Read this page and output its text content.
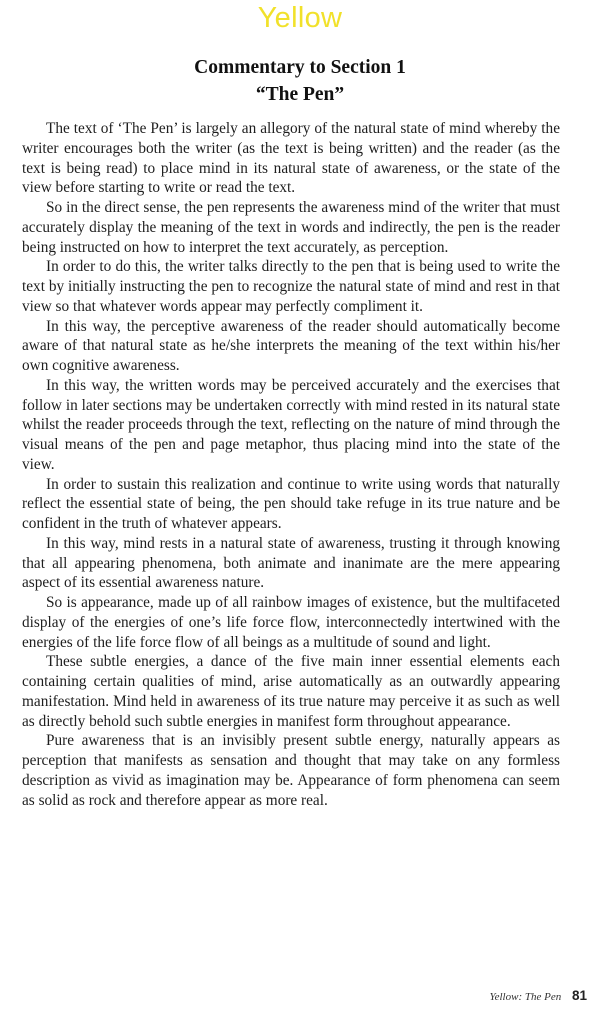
Yellow
Commentary to Section 1
“The Pen”

The text of ‘The Pen’ is largely an allegory of the natural state of mind whereby the writer encourages both the writer (as the text is being written) and the reader (as the text is being read) to place mind in its natural state of awareness, or the state of the view before starting to write or read the text.

So in the direct sense, the pen represents the awareness mind of the writer that must accurately display the meaning of the text in words and indirectly, the pen is the reader being instructed on how to interpret the text accurately, as perception.

In order to do this, the writer talks directly to the pen that is being used to write the text by initially instructing the pen to recognize the natural state of mind and rest in that view so that whatever words appear may perfectly compliment it.

In this way, the perceptive awareness of the reader should automatically become aware of that natural state as he/she interprets the meaning of the text within his/her own cognitive awareness.

In this way, the written words may be perceived accurately and the exercises that follow in later sections may be undertaken correctly with mind rested in its natural state whilst the reader proceeds through the text, reflecting on the nature of mind through the visual means of the pen and page metaphor, thus placing mind into the state of the view.

In order to sustain this realization and continue to write using words that naturally reflect the essential state of being, the pen should take refuge in its true nature and be confident in the truth of whatever appears.

In this way, mind rests in a natural state of awareness, trusting it through knowing that all appearing phenomena, both animate and inanimate are the mere appearing aspect of its essential awareness nature.

So is appearance, made up of all rainbow images of existence, but the multifaceted display of the energies of one’s life force flow, interconnectedly intertwined with the energies of the life force flow of all beings as a multitude of sound and light.

These subtle energies, a dance of the five main inner essential elements each containing certain qualities of mind, arise automatically as an outwardly appearing manifestation. Mind held in awareness of its true nature may perceive it as such as well as directly behold such subtle energies in manifest form throughout appearance.

Pure awareness that is an invisibly present subtle energy, naturally appears as perception that manifests as sensation and thought that may take on any formless description as vivid as imagination may be. Appearance of form phenomena can seem as solid as rock and therefore appear as more real.

Yellow: The Pen 81
